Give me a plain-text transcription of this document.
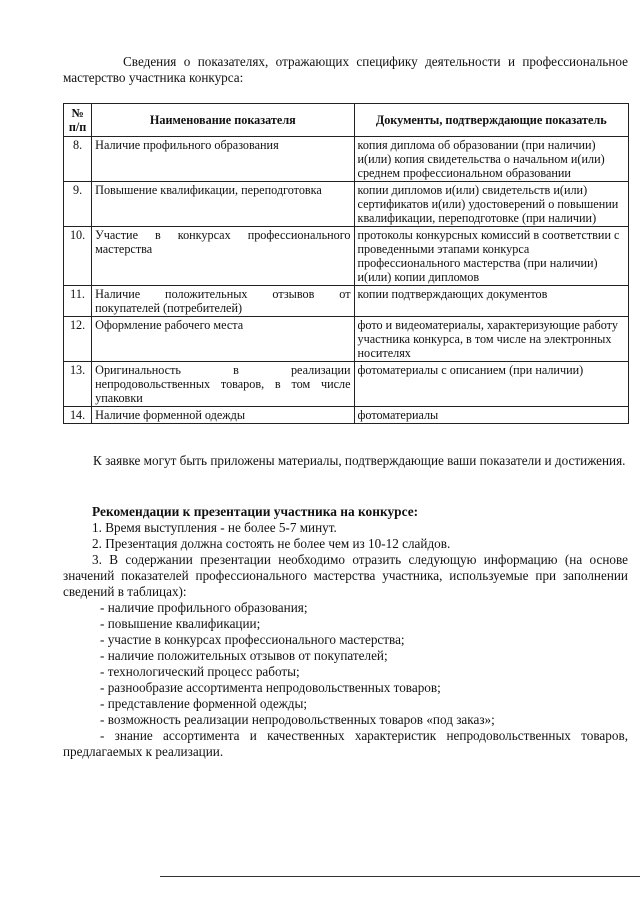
Сведения о показателях, отражающих специфику деятельности и профессиональное мастерство участника конкурса:
№ п/п	Наименование показателя	Документы, подтверждающие показатель
8.	Наличие профильного образования	копия диплома об образовании (при наличии) и(или) копия свидетельства о начальном и(или) среднем профессиональном образовании
9.	Повышение квалификации, переподготовка	копии дипломов и(или) свидетельств и(или) сертификатов и(или) удостоверений о повышении квалификации, переподготовке (при наличии)
10.	Участие в конкурсах профессионального мастерства	протоколы конкурсных комиссий в соответствии с проведенными этапами конкурса профессионального мастерства (при наличии) и(или) копии дипломов
11.	Наличие положительных отзывов от покупателей (потребителей)	копии подтверждающих документов
12.	Оформление рабочего места	фото и видеоматериалы, характеризующие работу участника конкурса, в том числе на электронных носителях
13.	Оригинальность в реализации непродовольственных товаров, в том числе упаковки	фотоматериалы с описанием (при наличии)
14.	Наличие форменной одежды	фотоматериалы
К заявке могут быть приложены материалы, подтверждающие ваши показатели и достижения.
Рекомендации к презентации участника на конкурсе:

1. Время выступления - не более 5-7 минут.

2. Презентация должна состоять не более чем из 10-12 слайдов.

3. В содержании презентации необходимо отразить следующую информацию (на основе значений показателей профессионального мастерства участника, используемые при заполнении сведений в таблицах):

- наличие профильного образования;

- повышение квалификации;

- участие в конкурсах профессионального мастерства;

- наличие положительных отзывов от покупателей;

- технологический процесс работы;

- разнообразие ассортимента непродовольственных товаров;

- представление форменной одежды;

- возможность реализации непродовольственных товаров «под заказ»;

- знание ассортимента и качественных характеристик непродовольственных товаров, предлагаемых к реализации.
